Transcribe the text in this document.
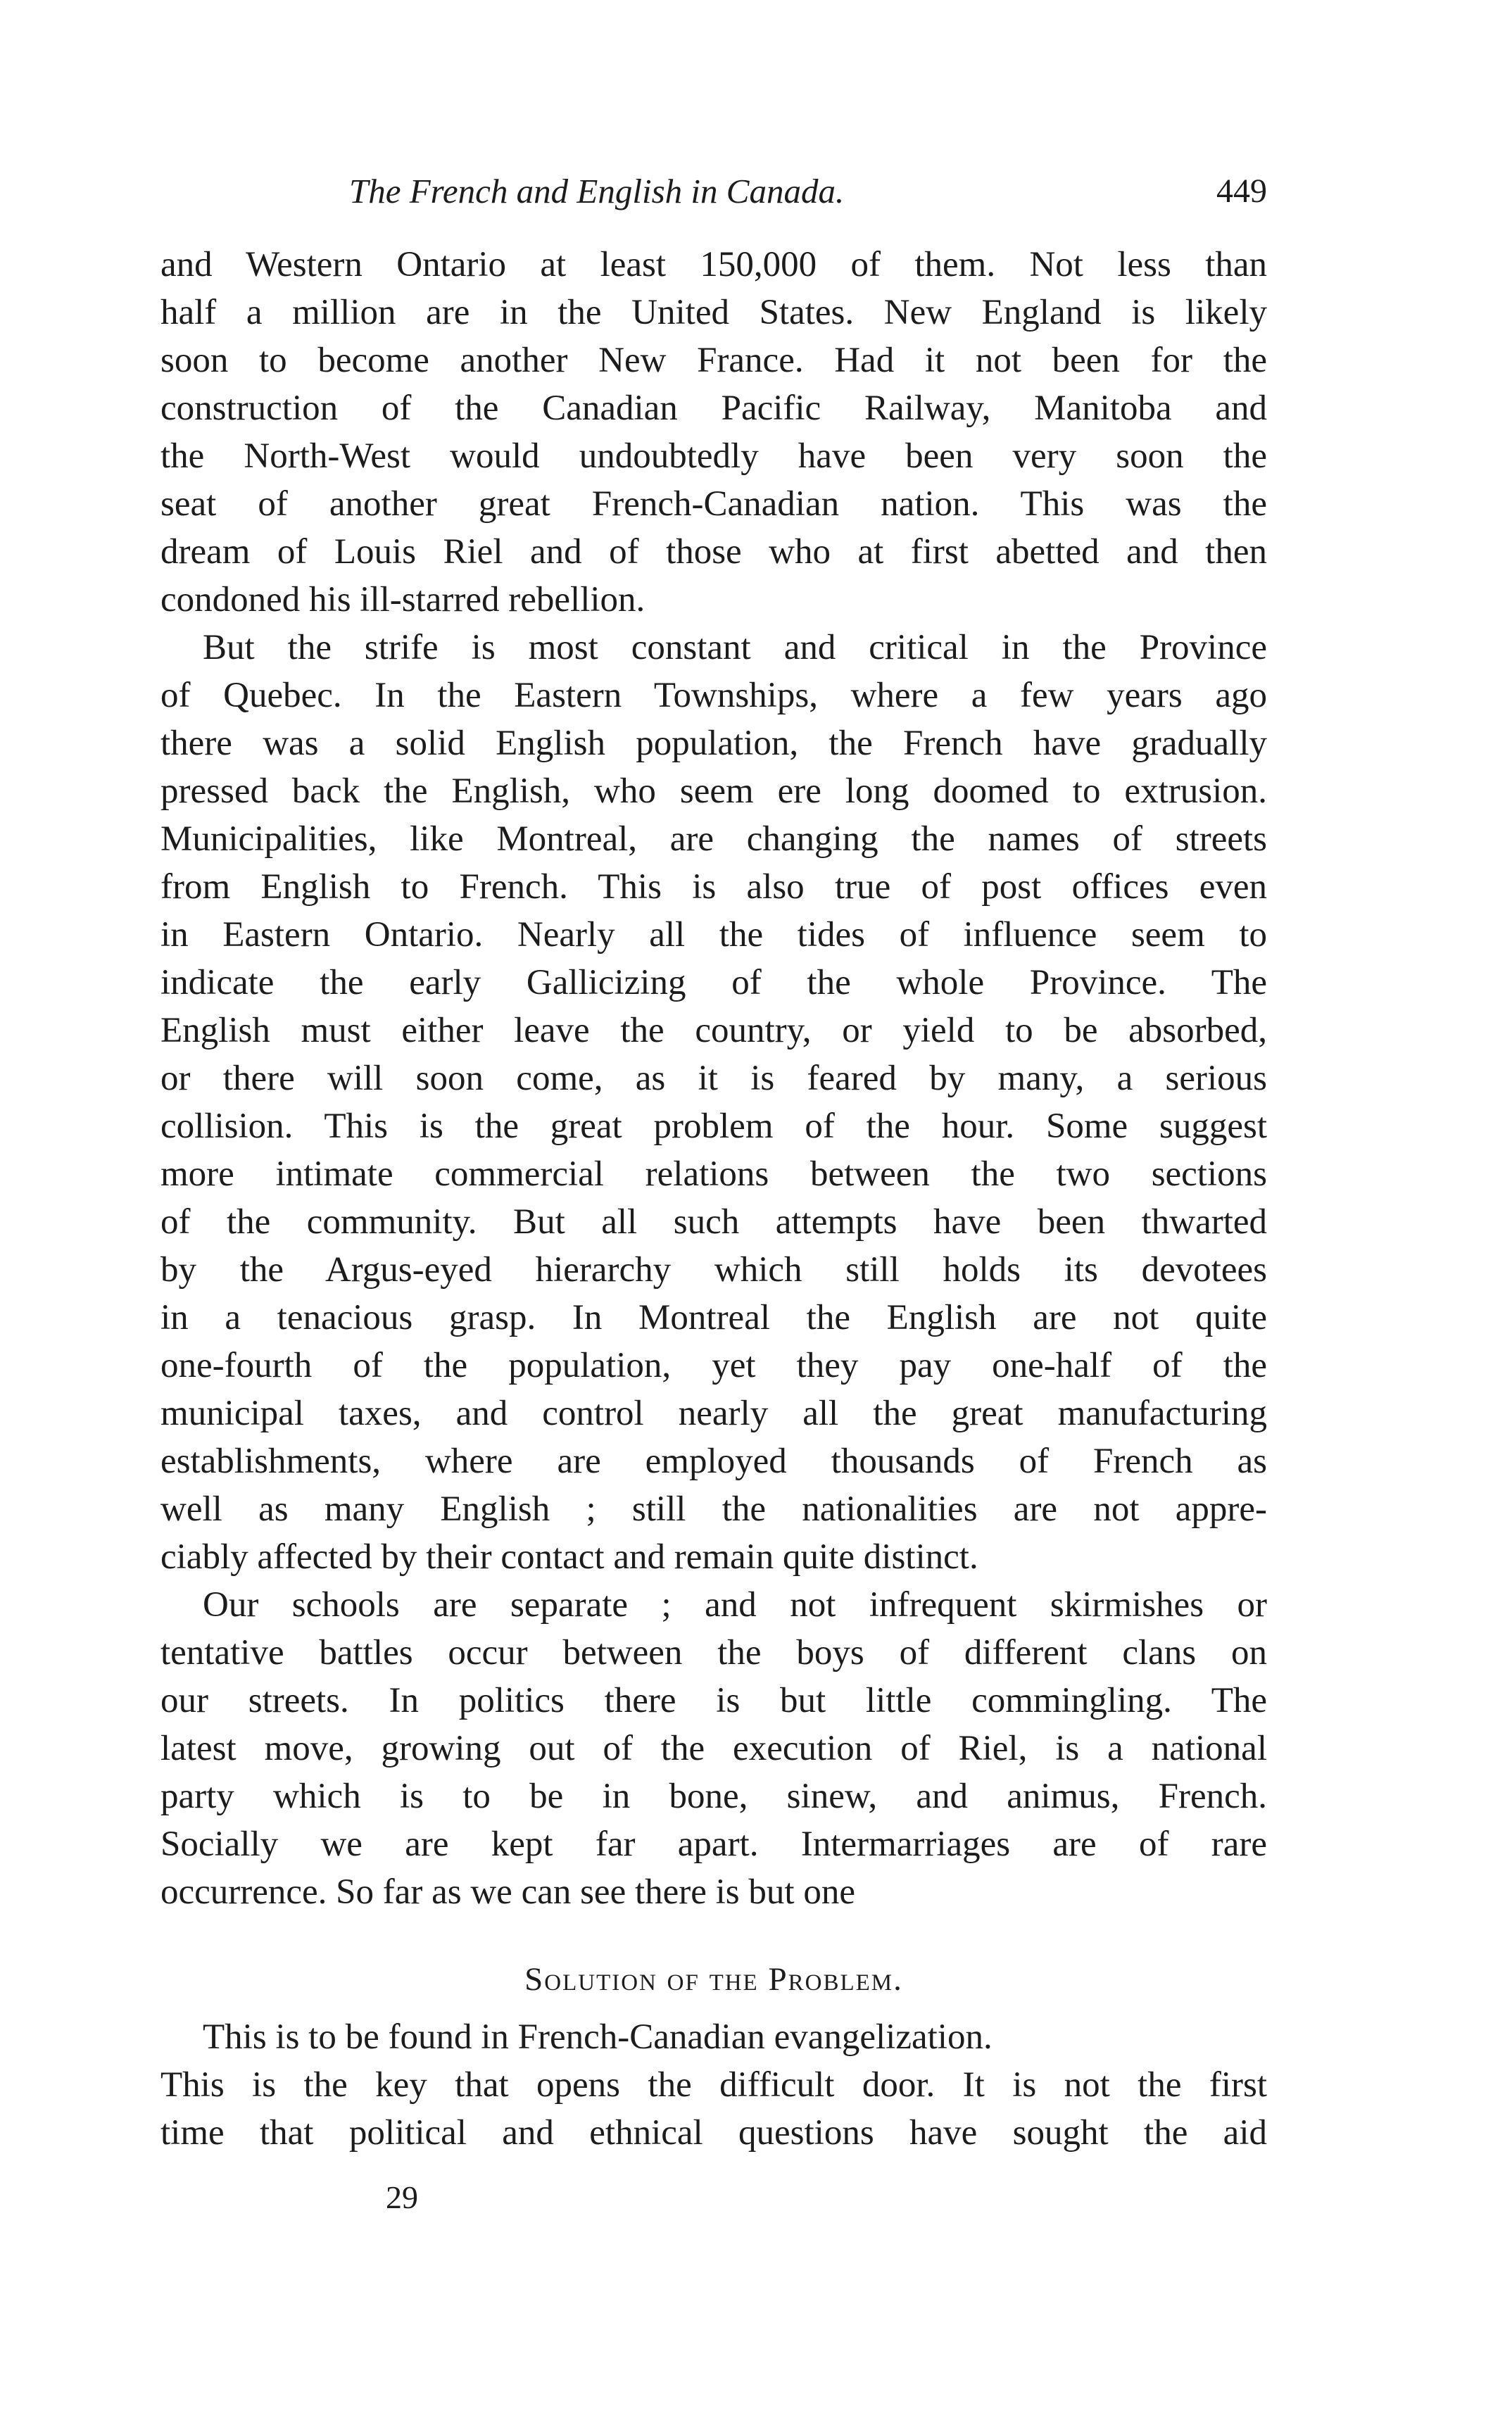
The French and English in Canada.	449
and Western Ontario at least 150,000 of them. Not less than
half a million are in the United States. New England is likely
soon to become another New France. Had it not been for the
construction of the Canadian Pacific Railway, Manitoba and
the North-West would undoubtedly have been very soon the
seat of another great French-Canadian nation. This was the
dream of Louis Riel and of those who at first abetted and then
condoned his ill-starred rebellion.
But the strife is most constant and critical in the Province
of Quebec. In the Eastern Townships, where a few years ago
there was a solid English population, the French have gradually
pressed back the English, who seem ere long doomed to extrusion.
Municipalities, like Montreal, are changing the names of streets
from English to French. This is also true of post offices even
in Eastern Ontario. Nearly all the tides of influence seem to
indicate the early Gallicizing of the whole Province. The
English must either leave the country, or yield to be absorbed,
or there will soon come, as it is feared by many, a serious
collision. This is the great problem of the hour. Some suggest
more intimate commercial relations between the two sections
of the community. But all such attempts have been thwarted
by the Argus-eyed hierarchy which still holds its devotees
in a tenacious grasp. In Montreal the English are not quite
one-fourth of the population, yet they pay one-half of the
municipal taxes, and control nearly all the great manufacturing
establishments, where are employed thousands of French as
well as many English ; still the nationalities are not appre-
ciably affected by their contact and remain quite distinct.
Our schools are separate ; and not infrequent skirmishes or
tentative battles occur between the boys of different clans on
our streets. In politics there is but little commingling. The
latest move, growing out of the execution of Riel, is a national
party which is to be in bone, sinew, and animus, French.
Socially we are kept far apart. Intermarriages are of rare
occurrence. So far as we can see there is but one
Solution of the Problem.
This is to be found in French-Canadian evangelization.
This is the key that opens the difficult door. It is not the first
time that political and ethnical questions have sought the aid
29
